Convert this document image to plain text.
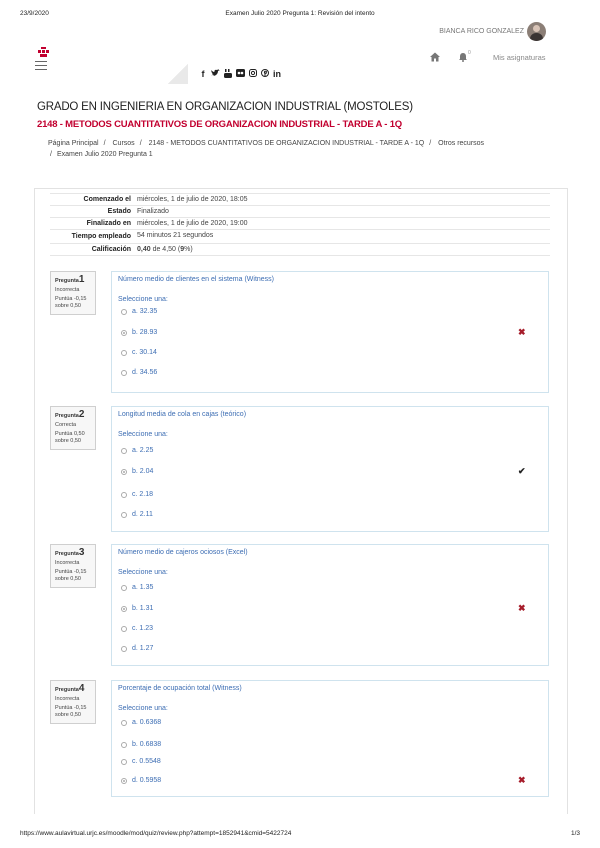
23/9/2020	Examen Julio 2020 Pregunta 1: Revisión del intento
https://www.aulavirtual.urjc.es/moodle/mod/quiz/review.php?attempt=1852941&cmid=5422724	1/3
BIANCA RICO GONZALEZ
f	in
0	Mis asignaturas
GRADO EN INGENIERIA EN ORGANIZACION INDUSTRIAL (MOSTOLES)
2148 - METODOS CUANTITATIVOS DE ORGANIZACION INDUSTRIAL - TARDE A - 1Q
Página Principal / Cursos / 2148 - METODOS CUANTITATIVOS DE ORGANIZACION INDUSTRIAL - TARDE A - 1Q / Otros recursos
/ Examen Julio 2020 Pregunta 1
Comenzado el miércoles, 1 de julio de 2020, 18:05
Estado Finalizado
Finalizado en miércoles, 1 de julio de 2020, 19:00
Tiempo empleado 54 minutos 21 segundos
Calificación 0,40 de 4,50 (9%)
Pregunta1
Incorrecta
Puntúa -0,15 sobre 0,50
Número medio de clientes en el sistema (Witness)
Seleccione una:
a. 32.35
b. 28.93	✖
c. 30.14
d. 34.56
Pregunta2
Correcta
Puntúa 0,50 sobre 0,50
Longitud media de cola en cajas (teórico)
Seleccione una:
a. 2.25
b. 2.04	✔
c. 2.18
d. 2.11
Pregunta3
Incorrecta
Puntúa -0,15 sobre 0,50
Número medio de cajeros ociosos (Excel)
Seleccione una:
a. 1.35
b. 1.31	✖
c. 1.23
d. 1.27
Pregunta4
Incorrecta
Puntúa -0,15 sobre 0,50
Porcentaje de ocupación total (Witness)
Seleccione una:
a. 0.6368
b. 0.6838
c. 0.5548
d. 0.5958	✖
